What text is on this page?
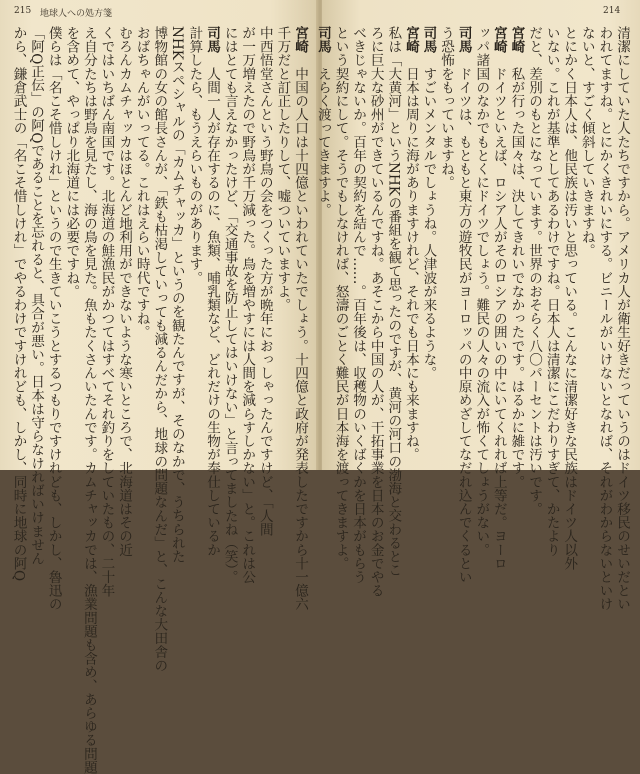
215 地球人への処方箋	214
宮崎　中国の人口は十四億といわれていたでしょう。十四億と政府が発表したですから十一億六
千万だと訂正したりして、嘘ついていますよ。
中西悟堂さんという野鳥の会をつくった方が晩年におっしゃったんですけど、「人間
が一万増えたので野鳥が千万減った。鳥を増やすには人間を減らすしかない」と。これは公
にはとても言えなかったけど、「交通事故を防止してはいけない」と言ってましたね（笑）。
司馬　人間一人が存在するのに、魚類、哺乳類など、どれだけの生物が奉仕しているか
計算したら、もうえらいものがあります。
NHKスペシャルの「カムチャッカ」というのを観たんですが、そのなかで、うちられた
博物館の女の館長さんが、「鉄も枯渇していっても減るんだから、地球の問題なんだ」と、こんな大田舎の
おばちゃんがいってる。これはえらい時代ですね。
むろんカムチャッカはほとんど地利用ができないような寒いところで、北海道はその近
くではいちばん南国です。北海道の鮭漁民がかつてはすべてそれ釣りをしていたもの、二十年
え自分たちは野鳥を見たし、海の鳥を見た。魚もたくさんいたんです。カムチャッカでは、漁業問題も含め、あらゆる問題
を含めて、やっぱり北海道には必要ですね。
僕らは「名こそ惜しけれ」というので生きていこうとするつもりですけれども、しかし、魯迅の
「阿Q正伝」の阿Qであることを忘れると、具合が悪い。日本は守らなければいけません
から、鎌倉武士の「名こそ惜しけれ」でやるわけですけれども、しかし、同時に地球の阿Q	清潔にしていた人たちですから。アメリカ人が衛生好きだっていうのはドイツ移民のせいだとい
われてますね。とにかくきれいにする。ビニールがいけないとなれば、それがわからないといけ
ないと、すごく傾斜していきますね。
とにかく日本人は、他民族は汚いと思っている。こんなに清潔好きな民族はドイツ人以外
いない。これが基準としてあるわけですね。日本人は清潔にこだわりすぎて、かたより
だと、差別のもとになっています。世界のおそらく八〇パーセントは汚いです。
宮崎　私が行った国々は、決してきれいでなかったです。はるかに雑です。
宮崎　ドイツといえば、ロシア人がそのロシアの囲いの中にいてくれれば上等だ。ヨーロ
ッパ諸国のなかでもとくにドイツでしょう。難民の人々の流入が怖くてしょうがない。
司馬　ドイツは、もともと東方の遊牧民がヨーロッパの中原めざしてなだれ込んでくるとい
う恐怖をもっていますね。
司馬　すごいメンタルでしょうね。人津波が来るような。
宮崎　日本は周りに海がありますけれど、それでも日本にも来ますね。
私は「大黄河」というNHKの番組を観て思ったのですが、黄河の河口の渤海と交わるとこ
ろに巨大な砂州ができているんですね。あそこから中国の人が、干拓事業を日本のお金でやる
べきじゃないか。百年の契約を結んで……。百年後は、収穫物のいくばくかを日本がもらう
という契約にして。そうでもしなければ、怒濤のごとく難民が日本海を渡ってきますよ。
司馬　えらく渡ってきますよ。
